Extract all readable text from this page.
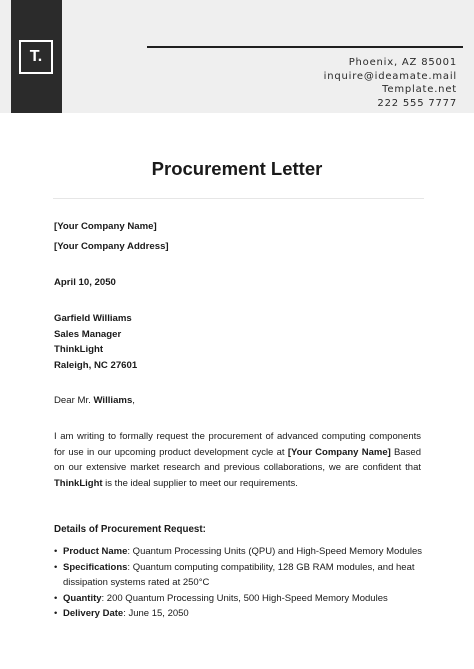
T.	Phoenix, AZ 85001
inquire@ideamate.mail
Template.net
222 555 7777
Procurement Letter
[Your Company Name]
[Your Company Address]
April 10, 2050
Garfield Williams
Sales Manager
ThinkLight
Raleigh, NC 27601
Dear Mr. Williams,
I am writing to formally request the procurement of advanced computing components for use in our upcoming product development cycle at [Your Company Name] Based on our extensive market research and previous collaborations, we are confident that ThinkLight is the ideal supplier to meet our requirements.
Details of Procurement Request:
• Product Name: Quantum Processing Units (QPU) and High-Speed Memory Modules
• Specifications: Quantum computing compatibility, 128 GB RAM modules, and heat dissipation systems rated at 250°C
• Quantity: 200 Quantum Processing Units, 500 High-Speed Memory Modules
• Delivery Date: June 15, 2050
